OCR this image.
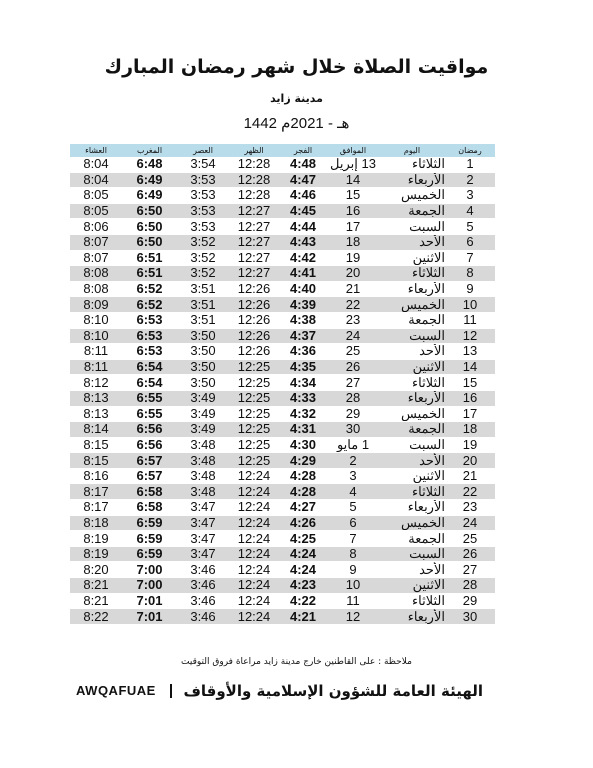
مواقيت الصلاة خلال شهر رمضان المبارك
مدينة زايد
1442 هـ - 2021م
رمضان	اليوم	الموافق	الفجر	الظهر	العصر	المغرب	العشاء
1	الثلاثاء	13 إبريل	4:48	12:28	3:54	6:48	8:04
2	الأربعاء	14	4:47	12:28	3:53	6:49	8:04
3	الخميس	15	4:46	12:28	3:53	6:49	8:05
4	الجمعة	16	4:45	12:27	3:53	6:50	8:05
5	السبت	17	4:44	12:27	3:53	6:50	8:06
6	الأحد	18	4:43	12:27	3:52	6:50	8:07
7	الاثنين	19	4:42	12:27	3:52	6:51	8:07
8	الثلاثاء	20	4:41	12:27	3:52	6:51	8:08
9	الأربعاء	21	4:40	12:26	3:51	6:52	8:08
10	الخميس	22	4:39	12:26	3:51	6:52	8:09
11	الجمعة	23	4:38	12:26	3:51	6:53	8:10
12	السبت	24	4:37	12:26	3:50	6:53	8:10
13	الأحد	25	4:36	12:26	3:50	6:53	8:11
14	الاثنين	26	4:35	12:25	3:50	6:54	8:11
15	الثلاثاء	27	4:34	12:25	3:50	6:54	8:12
16	الأربعاء	28	4:33	12:25	3:49	6:55	8:13
17	الخميس	29	4:32	12:25	3:49	6:55	8:13
18	الجمعة	30	4:31	12:25	3:49	6:56	8:14
19	السبت	1 مايو	4:30	12:25	3:48	6:56	8:15
20	الأحد	2	4:29	12:25	3:48	6:57	8:15
21	الاثنين	3	4:28	12:24	3:48	6:57	8:16
22	الثلاثاء	4	4:28	12:24	3:48	6:58	8:17
23	الأربعاء	5	4:27	12:24	3:47	6:58	8:17
24	الخميس	6	4:26	12:24	3:47	6:59	8:18
25	الجمعة	7	4:25	12:24	3:47	6:59	8:19
26	السبت	8	4:24	12:24	3:47	6:59	8:19
27	الأحد	9	4:24	12:24	3:46	7:00	8:20
28	الاثنين	10	4:23	12:24	3:46	7:00	8:21
29	الثلاثاء	11	4:22	12:24	3:46	7:01	8:21
30	الأربعاء	12	4:21	12:24	3:46	7:01	8:22
ملاحظة : على القاطنين خارج مدينة زايد مراعاة فروق التوقيت
الهيئة العامة للشؤون الإسلامية والأوقاف
AWQAFUAE
